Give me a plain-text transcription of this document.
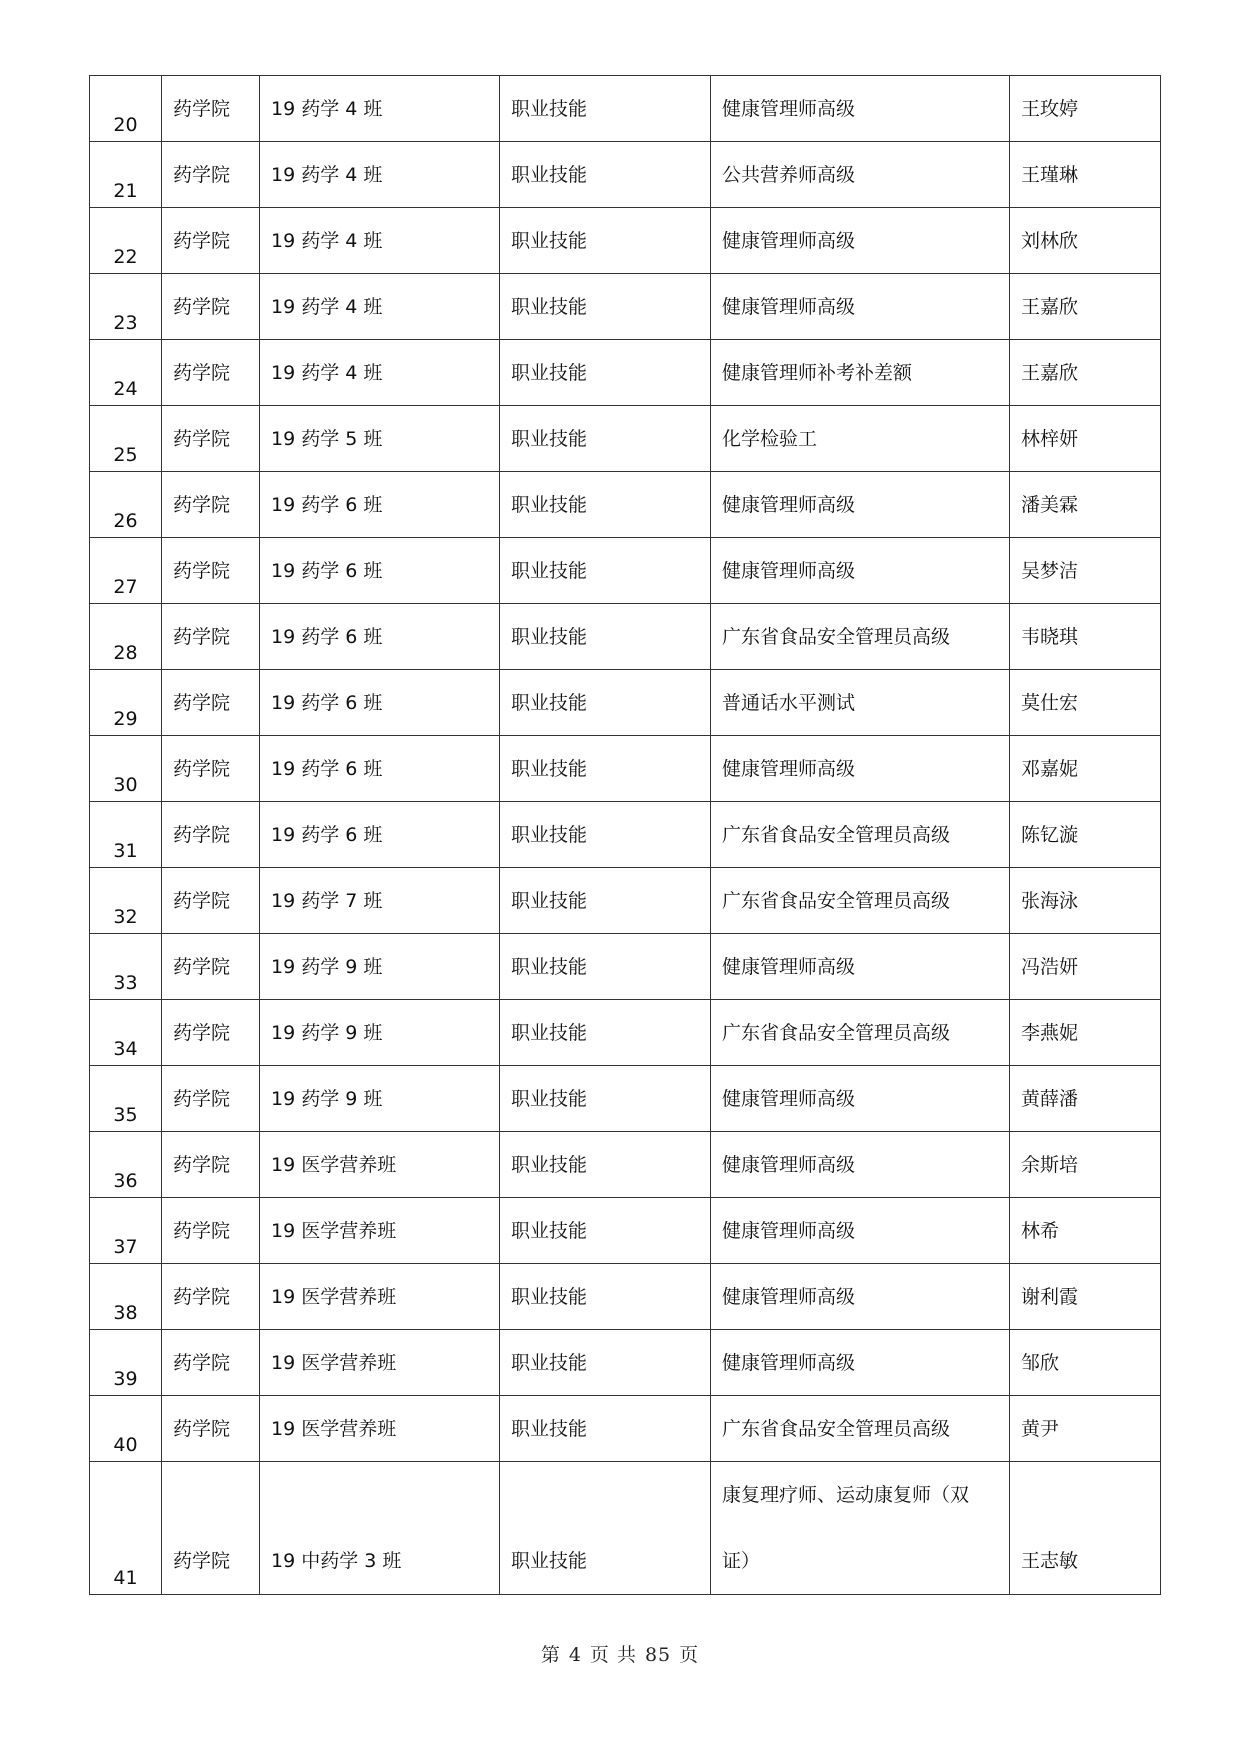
20	药学院	19 药学 4 班	职业技能	健康管理师高级	王玫婷

21	药学院	19 药学 4 班	职业技能	公共营养师高级	王瑾琳

22	药学院	19 药学 4 班	职业技能	健康管理师高级	刘林欣

23	药学院	19 药学 4 班	职业技能	健康管理师高级	王嘉欣

24	药学院	19 药学 4 班	职业技能	健康管理师补考补差额	王嘉欣

25	药学院	19 药学 5 班	职业技能	化学检验工	林梓妍

26	药学院	19 药学 6 班	职业技能	健康管理师高级	潘美霖

27	药学院	19 药学 6 班	职业技能	健康管理师高级	吴梦洁

28	药学院	19 药学 6 班	职业技能	广东省食品安全管理员高级	韦晓琪

29	药学院	19 药学 6 班	职业技能	普通话水平测试	莫仕宏

30	药学院	19 药学 6 班	职业技能	健康管理师高级	邓嘉妮

31	药学院	19 药学 6 班	职业技能	广东省食品安全管理员高级	陈钇漩

32	药学院	19 药学 7 班	职业技能	广东省食品安全管理员高级	张海泳

33	药学院	19 药学 9 班	职业技能	健康管理师高级	冯浩妍

34	药学院	19 药学 9 班	职业技能	广东省食品安全管理员高级	李燕妮

35	药学院	19 药学 9 班	职业技能	健康管理师高级	黄薛潘

36	药学院	19 医学营养班	职业技能	健康管理师高级	余斯培

37	药学院	19 医学营养班	职业技能	健康管理师高级	林希

38	药学院	19 医学营养班	职业技能	健康管理师高级	谢利霞

39	药学院	19 医学营养班	职业技能	健康管理师高级	邹欣

40	药学院	19 医学营养班	职业技能	广东省食品安全管理员高级	黄尹

41	药学院	19 中药学 3 班	职业技能	康复理疗师、运动康复师（双证）	王志敏
第 4 页 共 85 页
